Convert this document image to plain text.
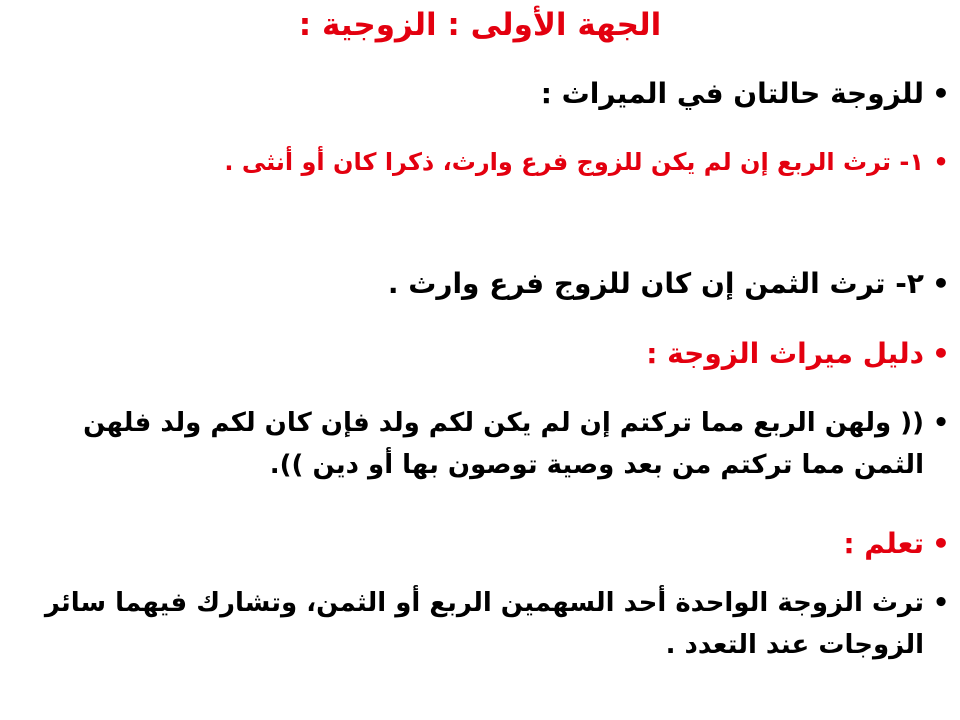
الجهة الأولى : الزوجية :
• للزوجة حالتان في الميراث :
• ١- ترث الربع إن لم يكن للزوج فرع وارث، ذكرا كان أو أنثى .
• ٢- ترث الثمن إن كان للزوج فرع وارث .
• دليل ميراث الزوجة :
• (( ولهن الربع مما تركتم إن لم يكن لكم ولد فإن كان لكم ولد فلهن الثمن مما تركتم من بعد وصية توصون بها أو دين )).
• تعلم :
• ترث الزوجة الواحدة أحد السهمين الربع أو الثمن، وتشارك فيهما سائر الزوجات عند التعدد .
